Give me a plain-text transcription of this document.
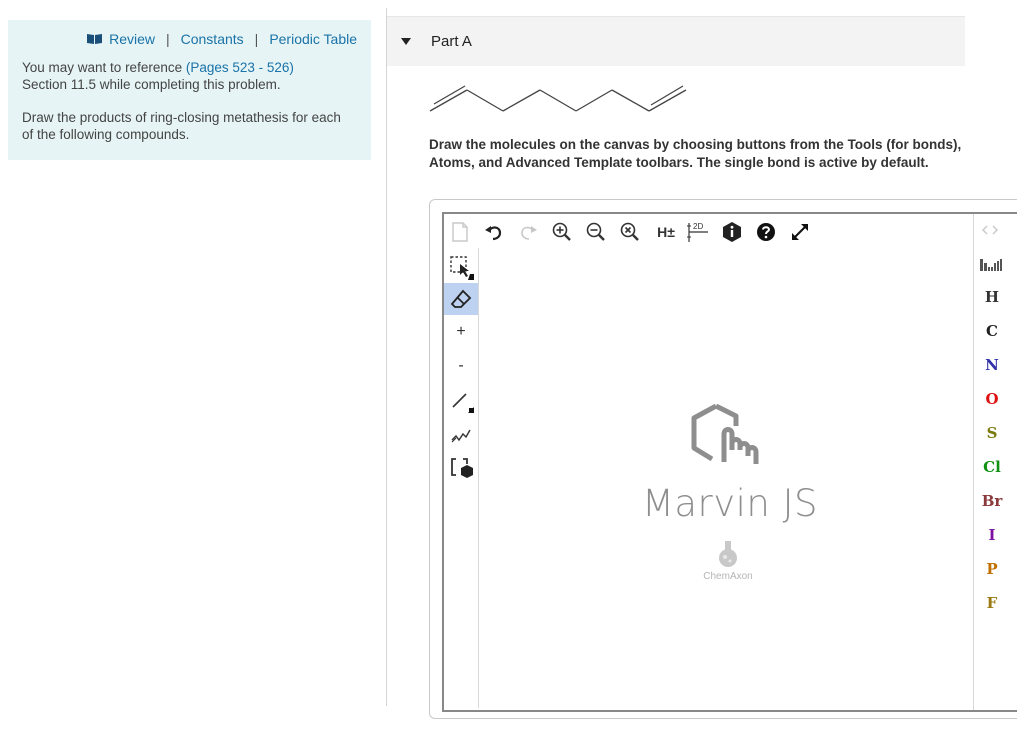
Review | Constants | Periodic Table

You may want to reference (Pages 523 - 526)
Section 11.5 while completing this problem.

Draw the products of ring-closing metathesis for each of the following compounds.

Part A
Draw the molecules on the canvas by choosing buttons from the Tools (for bonds), Atoms, and Advanced Template toolbars. The single bond is active by default.
H±	2D
+
-
Marvin JS
ChemAxon
H
C
N
O
S
Cl
Br
I
P
F
